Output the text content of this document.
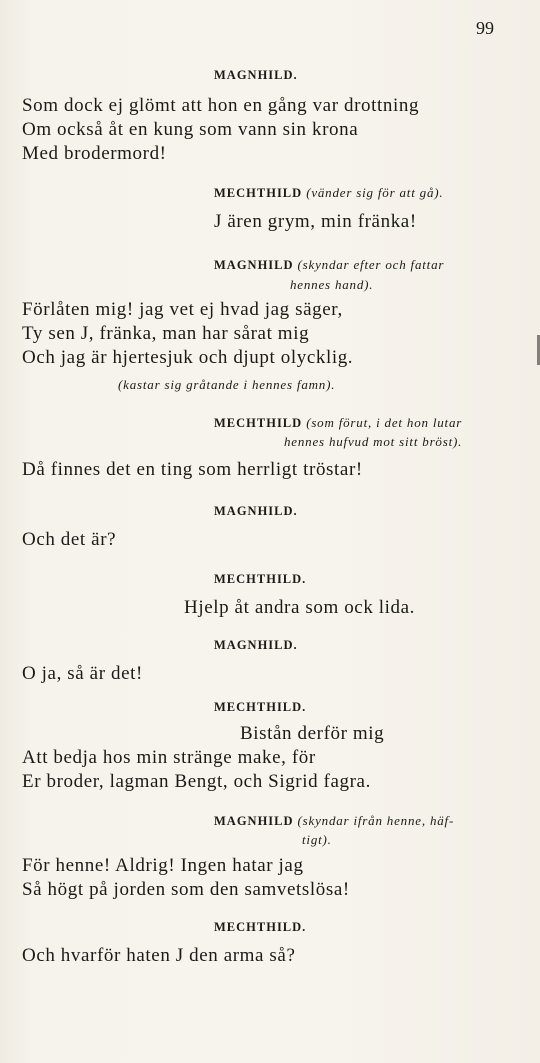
99
MAGNHILD.
Som dock ej glömt att hon en gång var drottning
Om också åt en kung som vann sin krona
Med brodermord!
MECHTHILD (vänder sig för att gå).
J ären grym, min fränka!
MAGNHILD (skyndar efter och fattar
hennes hand).
Förlåten mig! jag vet ej hvad jag säger,
Ty sen J, fränka, man har sårat mig
Och jag är hjertesjuk och djupt olycklig.
(kastar sig gråtande i hennes famn).
MECHTHILD (som förut, i det hon lutar
hennes hufvud mot sitt bröst).
Då finnes det en ting som herrligt tröstar!
MAGNHILD.
Och det är?
MECHTHILD.
Hjelp åt andra som ock lida.
MAGNHILD.
O ja, så är det!
MECHTHILD.
Bistån derför mig
Att bedja hos min stränge make, för
Er broder, lagman Bengt, och Sigrid fagra.
MAGNHILD (skyndar ifrån henne, häf-
tigt).
För henne! Aldrig! Ingen hatar jag
Så högt på jorden som den samvetslösa!
MECHTHILD.
Och hvarför haten J den arma så?
